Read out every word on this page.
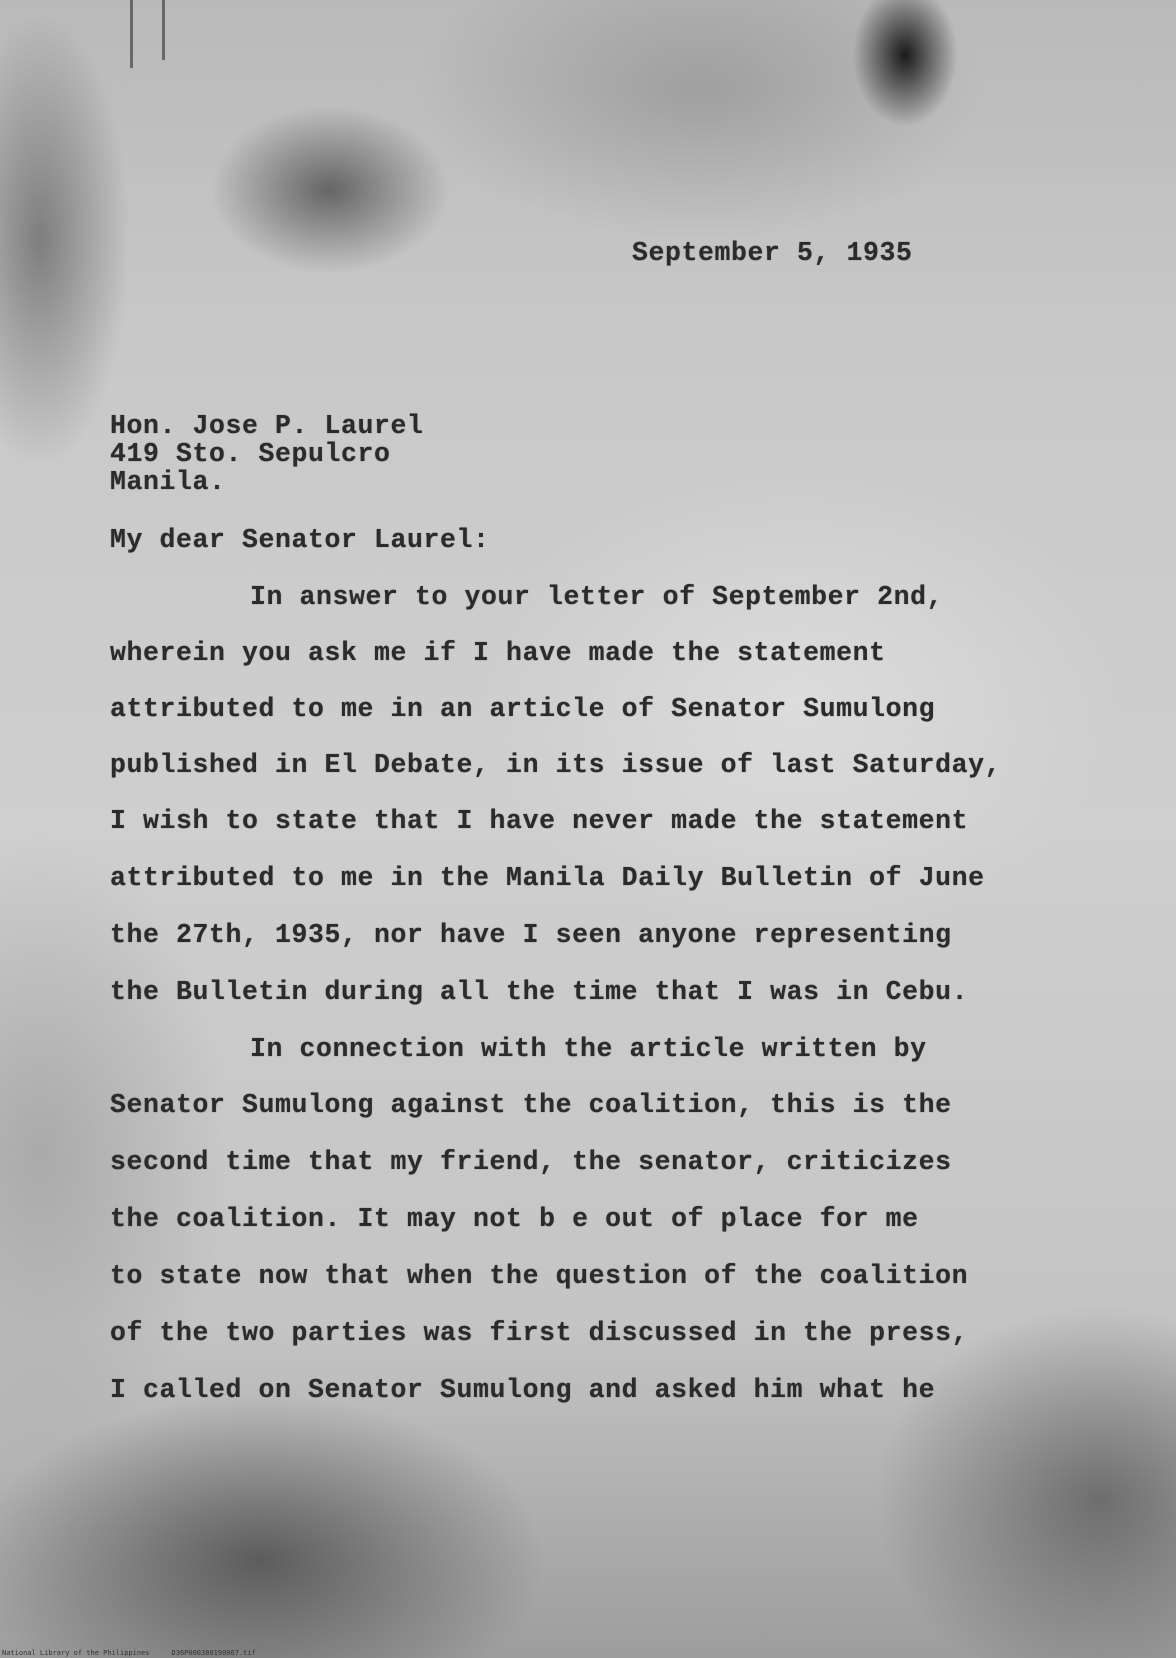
September 5, 1935

Hon. Jose P. Laurel

419 Sto. Sepulcro

Manila.

My dear Senator Laurel:

In answer to your letter of September 2nd,

wherein you ask me if I have made the statement

attributed to me in an article of Senator Sumulong

published in El Debate, in its issue of last Saturday,

I wish to state that I have never made the statement

attributed to me in the Manila Daily Bulletin of June

the 27th, 1935, nor have I seen anyone representing

the Bulletin during all the time that I was in Cebu.

In connection with the article written by

Senator Sumulong against the coalition, this is the

second time that my friend, the senator, criticizes

the coalition. It may not b e out of place for me

to state now that when the question of the coalition

of the two parties was first discussed in the press,

I called on Senator Sumulong and asked him what he

National Library of the Philippines	D36P000380190067.tif
